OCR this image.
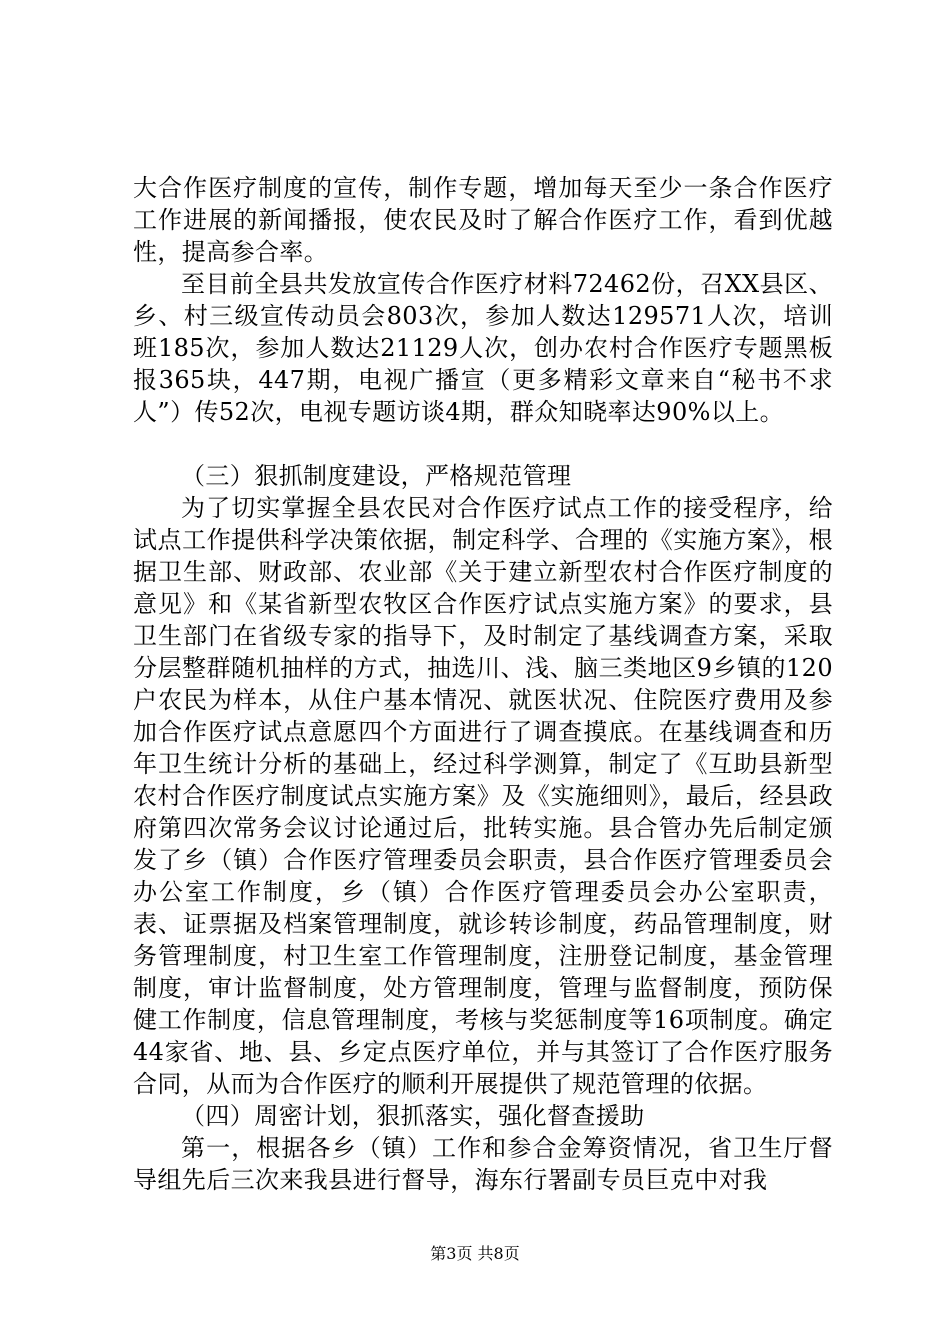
大合作医疗制度的宣传，制作专题，增加每天至少一条合作医疗工作进展的新闻播报，使农民及时了解合作医疗工作，看到优越性，提高参合率。

至目前全县共发放宣传合作医疗材料72462份，召XX县区、乡、村三级宣传动员会803次，参加人数达129571人次，培训班185次，参加人数达21129人次，创办农村合作医疗专题黑板报365块，447期，电视广播宣（更多精彩文章来自“秘书不求人”）传52次，电视专题访谈4期，群众知晓率达90%以上。

（三）狠抓制度建设，严格规范管理

为了切实掌握全县农民对合作医疗试点工作的接受程序，给试点工作提供科学决策依据，制定科学、合理的《实施方案》，根据卫生部、财政部、农业部《关于建立新型农村合作医疗制度的意见》和《某省新型农牧区合作医疗试点实施方案》的要求，县卫生部门在省级专家的指导下，及时制定了基线调查方案，采取分层整群随机抽样的方式，抽选川、浅、脑三类地区9乡镇的120户农民为样本，从住户基本情况、就医状况、住院医疗费用及参加合作医疗试点意愿四个方面进行了调查摸底。在基线调查和历年卫生统计分析的基础上，经过科学测算，制定了《互助县新型农村合作医疗制度试点实施方案》及《实施细则》，最后，经县政府第四次常务会议讨论通过后，批转实施。县合管办先后制定颁发了乡（镇）合作医疗管理委员会职责，县合作医疗管理委员会办公室工作制度，乡（镇）合作医疗管理委员会办公室职责，表、证票据及档案管理制度，就诊转诊制度，药品管理制度，财务管理制度，村卫生室工作管理制度，注册登记制度，基金管理制度，审计监督制度，处方管理制度，管理与监督制度，预防保健工作制度，信息管理制度，考核与奖惩制度等16项制度。确定44家省、地、县、乡定点医疗单位，并与其签订了合作医疗服务合同，从而为合作医疗的顺利开展提供了规范管理的依据。

（四）周密计划，狠抓落实，强化督查援助

第一，根据各乡（镇）工作和参合金筹资情况，省卫生厅督导组先后三次来我县进行督导，海东行署副专员巨克中对我

第3页 共8页
